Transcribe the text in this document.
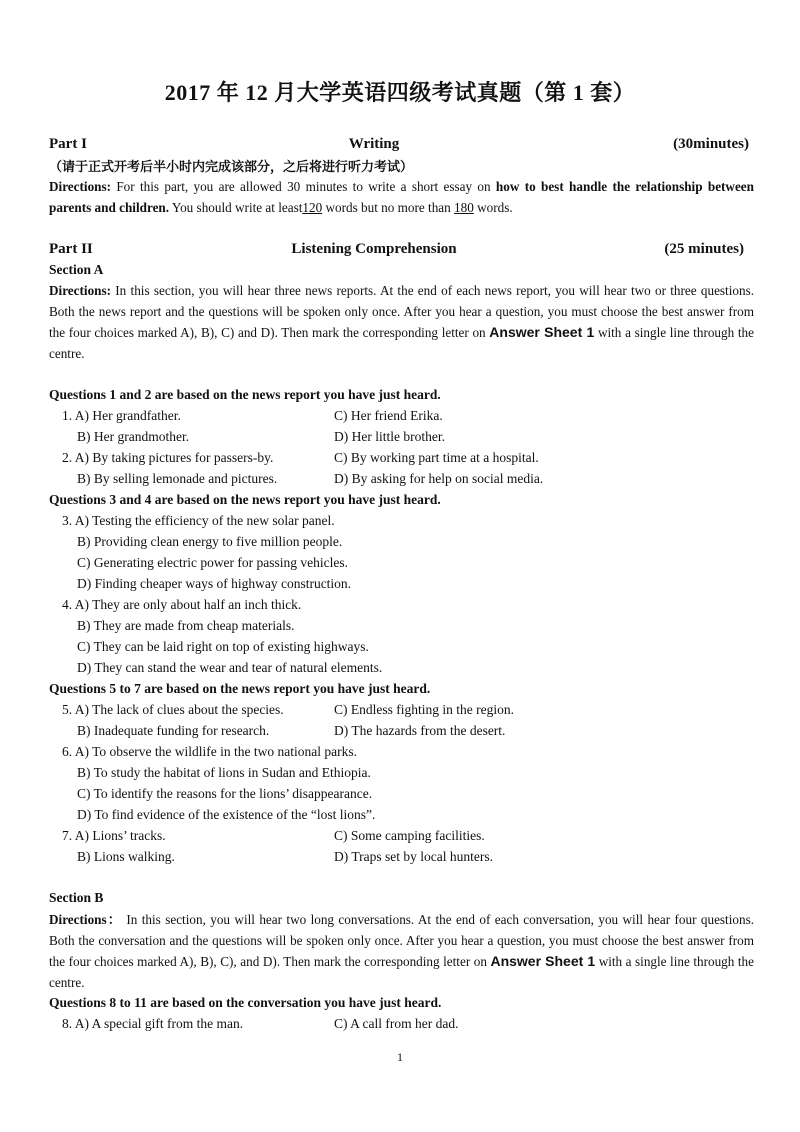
2017 年 12 月大学英语四级考试真题（第 1 套）
Part I	Writing	(30minutes)
（请于正式开考后半小时内完成该部分，之后将进行听力考试）
Directions: For this part, you are allowed 30 minutes to write a short essay on how to best handle the relationship between parents and children. You should write at least120 words but no more than 180 words.
Part II	Listening Comprehension	(25 minutes)
Section A
Directions: In this section, you will hear three news reports. At the end of each news report, you will hear two or three questions. Both the news report and the questions will be spoken only once. After you hear a question, you must choose the best answer from the four choices marked A), B), C) and D). Then mark the corresponding letter on Answer Sheet 1 with a single line through the centre.
Questions 1 and 2 are based on the news report you have just heard.
1. A) Her grandfather.	C) Her friend Erika.
B) Her grandmother.	D) Her little brother.
2. A) By taking pictures for passers-by.	C) By working part time at a hospital.
B) By selling lemonade and pictures.	D) By asking for help on social media.
Questions 3 and 4 are based on the news report you have just heard.
3. A) Testing the efficiency of the new solar panel.
B) Providing clean energy to five million people.
C) Generating electric power for passing vehicles.
D) Finding cheaper ways of highway construction.
4. A) They are only about half an inch thick.
B) They are made from cheap materials.
C) They can be laid right on top of existing highways.
D) They can stand the wear and tear of natural elements.
Questions 5 to 7 are based on the news report you have just heard.
5. A) The lack of clues about the species.	C) Endless fighting in the region.
B) Inadequate funding for research.	D) The hazards from the desert.
6. A) To observe the wildlife in the two national parks.
B) To study the habitat of lions in Sudan and Ethiopia.
C) To identify the reasons for the lions’ disappearance.
D) To find evidence of the existence of the “lost lions”.
7. A) Lions’ tracks.	C) Some camping facilities.
B) Lions walking.	D) Traps set by local hunters.
Section B
Directions： In this section, you will hear two long conversations. At the end of each conversation, you will hear four questions. Both the conversation and the questions will be spoken only once. After you hear a question, you must choose the best answer from the four choices marked A), B), C), and D). Then mark the corresponding letter on Answer Sheet 1 with a single line through the centre.
Questions 8 to 11 are based on the conversation you have just heard.
8. A) A special gift from the man.	C) A call from her dad.
1
